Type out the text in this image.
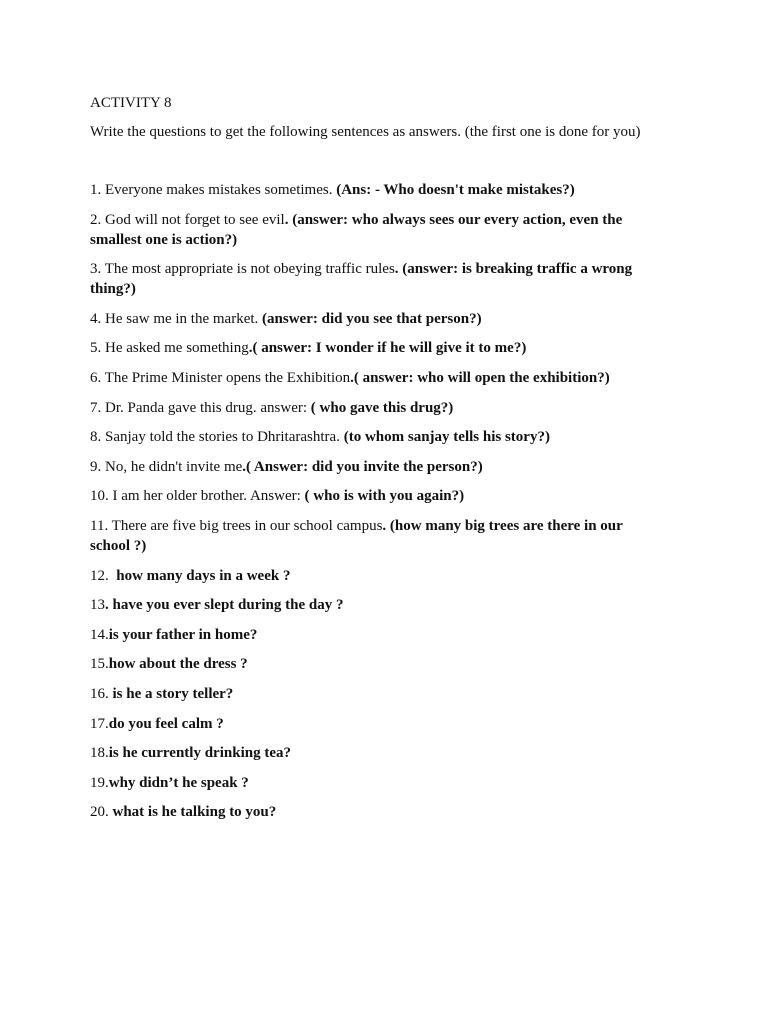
ACTIVITY 8

Write the questions to get the following sentences as answers. (the first one is done for you)

1. Everyone makes mistakes sometimes. (Ans: - Who doesn't make mistakes?)

2. God will not forget to see evil. (answer: who always sees our every action, even the smallest one is action?)

3. The most appropriate is not obeying traffic rules. (answer: is breaking traffic a wrong thing?)

4. He saw me in the market. (answer: did you see that person?)

5. He asked me something.( answer: I wonder if he will give it to me?)

6. The Prime Minister opens the Exhibition.( answer: who will open the exhibition?)

7. Dr. Panda gave this drug. answer: ( who gave this drug?)

8. Sanjay told the stories to Dhritarashtra. (to whom sanjay tells his story?)

9. No, he didn't invite me.( Answer: did you invite the person?)

10. I am her older brother. Answer: ( who is with you again?)

11. There are five big trees in our school campus. (how many big trees are there in our school ?)

12.  how many days in a week ?

13. have you ever slept during the day ?

14.is your father in home?

15.how about the dress ?

16. is he a story teller?

17.do you feel calm ?

18.is he currently drinking tea?

19.why didn’t he speak ?

20. what is he talking to you?
